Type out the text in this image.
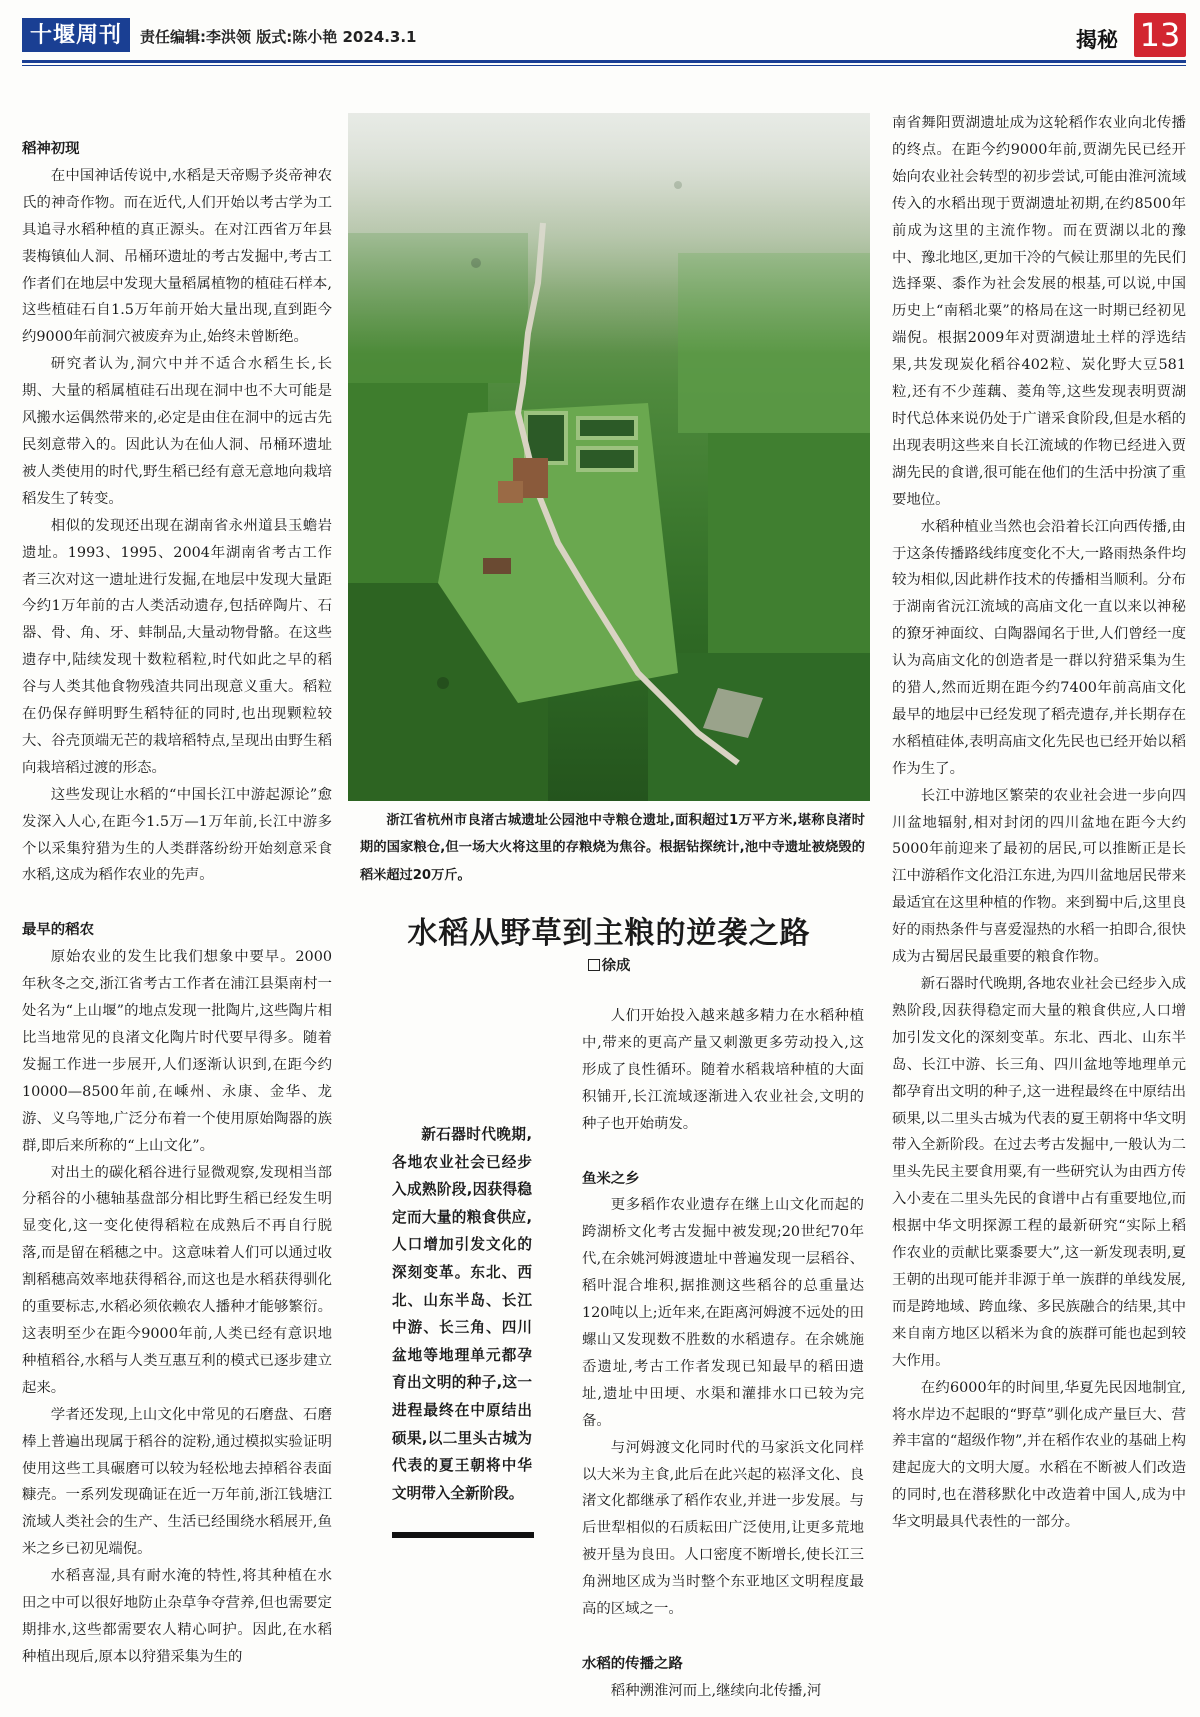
十堰周刊	责任编辑:李洪领 版式:陈小艳 2024.3.1	揭秘 13
稻神初现

在中国神话传说中,水稻是天帝赐予炎帝神农氏的神奇作物。而在近代,人们开始以考古学为工具追寻水稻种植的真正源头。在对江西省万年县裴梅镇仙人洞、吊桶环遗址的考古发掘中,考古工作者们在地层中发现大量稻属植物的植硅石样本,这些植硅石自1.5万年前开始大量出现,直到距今约9000年前洞穴被废弃为止,始终未曾断绝。

研究者认为,洞穴中并不适合水稻生长,长期、大量的稻属植硅石出现在洞中也不大可能是风搬水运偶然带来的,必定是由住在洞中的远古先民刻意带入的。因此认为在仙人洞、吊桶环遗址被人类使用的时代,野生稻已经有意无意地向栽培稻发生了转变。

相似的发现还出现在湖南省永州道县玉蟾岩遗址。1993、1995、2004年湖南省考古工作者三次对这一遗址进行发掘,在地层中发现大量距今约1万年前的古人类活动遗存,包括碎陶片、石器、骨、角、牙、蚌制品,大量动物骨骼。在这些遗存中,陆续发现十数粒稻粒,时代如此之早的稻谷与人类其他食物残渣共同出现意义重大。稻粒在仍保存鲜明野生稻特征的同时,也出现颗粒较大、谷壳顶端无芒的栽培稻特点,呈现出由野生稻向栽培稻过渡的形态。

这些发现让水稻的“中国长江中游起源论”愈发深入人心,在距今1.5万—1万年前,长江中游多个以采集狩猎为生的人类群落纷纷开始刻意采食水稻,这成为稻作农业的先声。

最早的稻农

原始农业的发生比我们想象中要早。2000年秋冬之交,浙江省考古工作者在浦江县渠南村一处名为“上山堰”的地点发现一批陶片,这些陶片相比当地常见的良渚文化陶片时代要早得多。随着发掘工作进一步展开,人们逐渐认识到,在距今约10000—8500年前,在嵊州、永康、金华、龙游、义乌等地,广泛分布着一个使用原始陶器的族群,即后来所称的“上山文化”。

对出土的碳化稻谷进行显微观察,发现相当部分稻谷的小穗轴基盘部分相比野生稻已经发生明显变化,这一变化使得稻粒在成熟后不再自行脱落,而是留在稻穗之中。这意味着人们可以通过收割稻穗高效率地获得稻谷,而这也是水稻获得驯化的重要标志,水稻必须依赖农人播种才能够繁衍。这表明至少在距今9000年前,人类已经有意识地种植稻谷,水稻与人类互惠互利的模式已逐步建立起来。

学者还发现,上山文化中常见的石磨盘、石磨棒上普遍出现属于稻谷的淀粉,通过模拟实验证明使用这些工具碾磨可以较为轻松地去掉稻谷表面糠壳。一系列发现确证在近一万年前,浙江钱塘江流域人类社会的生产、生活已经围绕水稻展开,鱼米之乡已初见端倪。

水稻喜湿,具有耐水淹的特性,将其种植在水田之中可以很好地防止杂草争夺营养,但也需要定期排水,这些都需要农人精心呵护。因此,在水稻种植出现后,原本以狩猎采集为生的

浙江省杭州市良渚古城遗址公园池中寺粮仓遗址,面积超过1万平方米,堪称良渚时期的国家粮仓,但一场大火将这里的存粮烧为焦谷。根据钻探统计,池中寺遗址被烧毁的稻米超过20万斤。
水稻从野草到主粮的逆袭之路
徐成
新石器时代晚期,各地农业社会已经步入成熟阶段,因获得稳定而大量的粮食供应,人口增加引发文化的深刻变革。东北、西北、山东半岛、长江中游、长三角、四川盆地等地理单元都孕育出文明的种子,这一进程最终在中原结出硕果,以二里头古城为代表的夏王朝将中华文明带入全新阶段。

人们开始投入越来越多精力在水稻种植中,带来的更高产量又刺激更多劳动投入,这形成了良性循环。随着水稻栽培种植的大面积铺开,长江流域逐渐进入农业社会,文明的种子也开始萌发。

鱼米之乡

更多稻作农业遗存在继上山文化而起的跨湖桥文化考古发掘中被发现;20世纪70年代,在余姚河姆渡遗址中普遍发现一层稻谷、稻叶混合堆积,据推测这些稻谷的总重量达120吨以上;近年来,在距离河姆渡不远处的田螺山又发现数不胜数的水稻遗存。在余姚施岙遗址,考古工作者发现已知最早的稻田遗址,遗址中田埂、水渠和灌排水口已较为完备。

与河姆渡文化同时代的马家浜文化同样以大米为主食,此后在此兴起的崧泽文化、良渚文化都继承了稻作农业,并进一步发展。与后世犁相似的石质耘田广泛使用,让更多荒地被开垦为良田。人口密度不断增长,使长江三角洲地区成为当时整个东亚地区文明程度最高的区域之一。

水稻的传播之路

稻种溯淮河而上,继续向北传播,河

南省舞阳贾湖遗址成为这轮稻作农业向北传播的终点。在距今约9000年前,贾湖先民已经开始向农业社会转型的初步尝试,可能由淮河流域传入的水稻出现于贾湖遗址初期,在约8500年前成为这里的主流作物。而在贾湖以北的豫中、豫北地区,更加干冷的气候让那里的先民们选择粟、黍作为社会发展的根基,可以说,中国历史上“南稻北粟”的格局在这一时期已经初见端倪。根据2009年对贾湖遗址土样的浮选结果,共发现炭化稻谷402粒、炭化野大豆581粒,还有不少莲藕、菱角等,这些发现表明贾湖时代总体来说仍处于广谱采食阶段,但是水稻的出现表明这些来自长江流域的作物已经进入贾湖先民的食谱,很可能在他们的生活中扮演了重要地位。

水稻种植业当然也会沿着长江向西传播,由于这条传播路线纬度变化不大,一路雨热条件均较为相似,因此耕作技术的传播相当顺利。分布于湖南省沅江流域的高庙文化一直以来以神秘的獠牙神面纹、白陶器闻名于世,人们曾经一度认为高庙文化的创造者是一群以狩猎采集为生的猎人,然而近期在距今约7400年前高庙文化最早的地层中已经发现了稻壳遗存,并长期存在水稻植硅体,表明高庙文化先民也已经开始以稻作为生了。

长江中游地区繁荣的农业社会进一步向四川盆地辐射,相对封闭的四川盆地在距今大约5000年前迎来了最初的居民,可以推断正是长江中游稻作文化沿江东进,为四川盆地居民带来最适宜在这里种植的作物。来到蜀中后,这里良好的雨热条件与喜爱湿热的水稻一拍即合,很快成为古蜀居民最重要的粮食作物。

新石器时代晚期,各地农业社会已经步入成熟阶段,因获得稳定而大量的粮食供应,人口增加引发文化的深刻变革。东北、西北、山东半岛、长江中游、长三角、四川盆地等地理单元都孕育出文明的种子,这一进程最终在中原结出硕果,以二里头古城为代表的夏王朝将中华文明带入全新阶段。在过去考古发掘中,一般认为二里头先民主要食用粟,有一些研究认为由西方传入小麦在二里头先民的食谱中占有重要地位,而根据中华文明探源工程的最新研究“实际上稻作农业的贡献比粟黍要大”,这一新发现表明,夏王朝的出现可能并非源于单一族群的单线发展,而是跨地域、跨血缘、多民族融合的结果,其中来自南方地区以稻米为食的族群可能也起到较大作用。

在约6000年的时间里,华夏先民因地制宜,将水岸边不起眼的“野草”驯化成产量巨大、营养丰富的“超级作物”,并在稻作农业的基础上构建起庞大的文明大厦。水稻在不断被人们改造的同时,也在潜移默化中改造着中国人,成为中华文明最具代表性的一部分。
